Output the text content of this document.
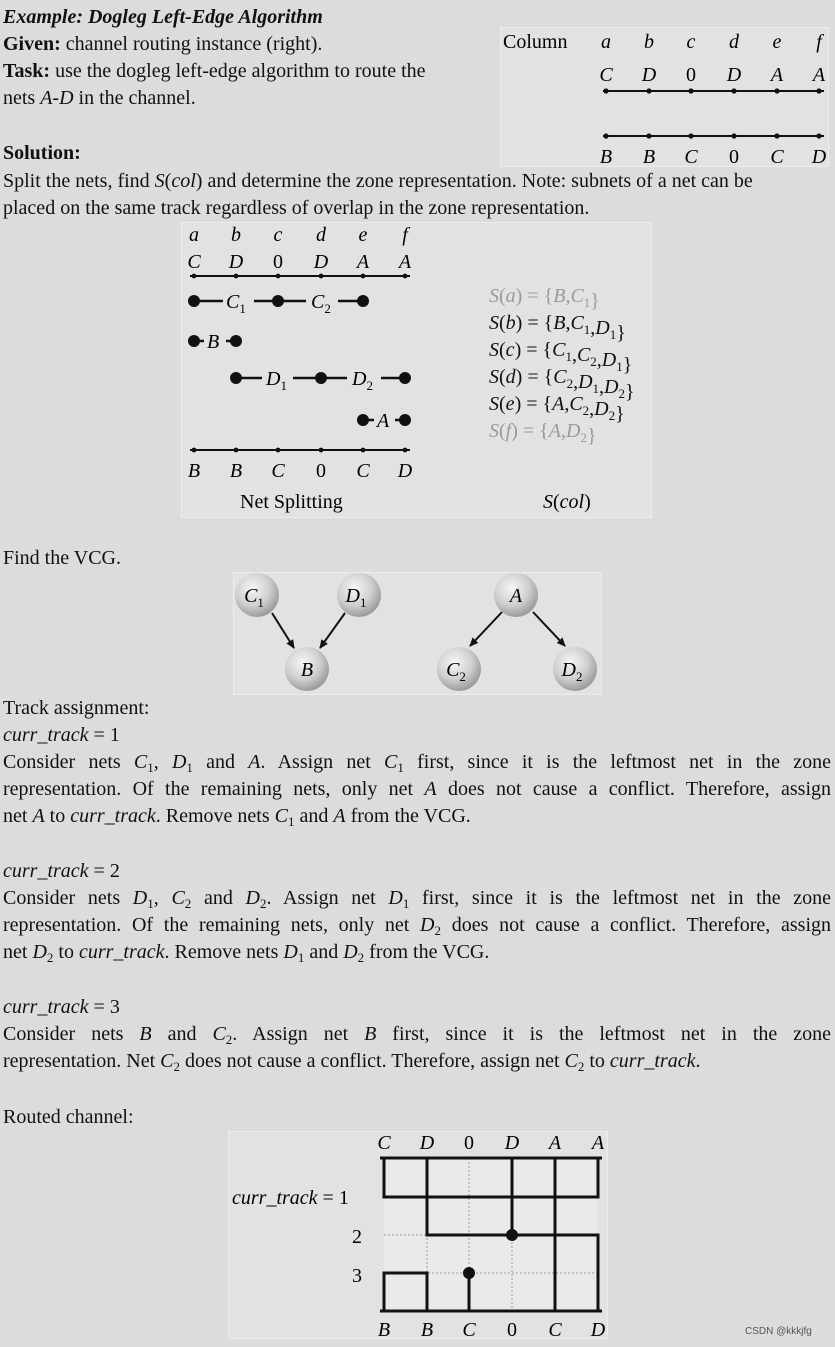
Example: Dogleg Left-Edge Algorithm
Given: channel routing instance (right).
Task: use the dogleg left-edge algorithm to route the
nets A-D in the channel.
Column a b c d e f
C D 0 D A A
B B C 0 C D
Solution:
Split the nets, find S(col) and determine the zone representation. Note: subnets of a net can be
placed on the same track regardless of overlap in the zone representation.
a b c d e f
C D 0 D A A
B B C 0 C D
$C_1$	$C_2$
B
$D_1$	$D_2$
A
$S(a) = \{B,C_1\}$
$S(b) = \{B,C_1,D_1\}$
$S(c) = \{C_1,C_2,D_1\}$
$S(d) = \{C_2,D_1,D_2\}$
$S(e) = \{A,C_2,D_2\}$
$S(f) = \{A,D_2\}$
Net Splitting	S(col)
Find the VCG.
$C_1$	$D_1$
B
A
$C_2$	$D_2$
Track assignment:
curr_track = 1
Consider nets $C_1$, $D_1$ and A. Assign net $C_1$ first, since it is the leftmost net in the zone
representation. Of the remaining nets, only net A does not cause a conflict. Therefore, assign
net A to curr_track. Remove nets $C_1$ and A from the VCG.
curr_track = 2
Consider nets $D_1$, $C_2$ and $D_2$. Assign net $D_1$ first, since it is the leftmost net in the zone
representation. Of the remaining nets, only net $D_2$ does not cause a conflict. Therefore, assign
net $D_2$ to curr_track. Remove nets $D_1$ and $D_2$ from the VCG.
curr_track = 3
Consider nets B and $C_2$. Assign net B first, since it is the leftmost net in the zone
representation. Net $C_2$ does not cause a conflict. Therefore, assign net $C_2$ to curr_track.
Routed channel:
C D 0 D A A
B B C 0 C D
curr_track = 1
2
3
CSDN @kkkjfg
